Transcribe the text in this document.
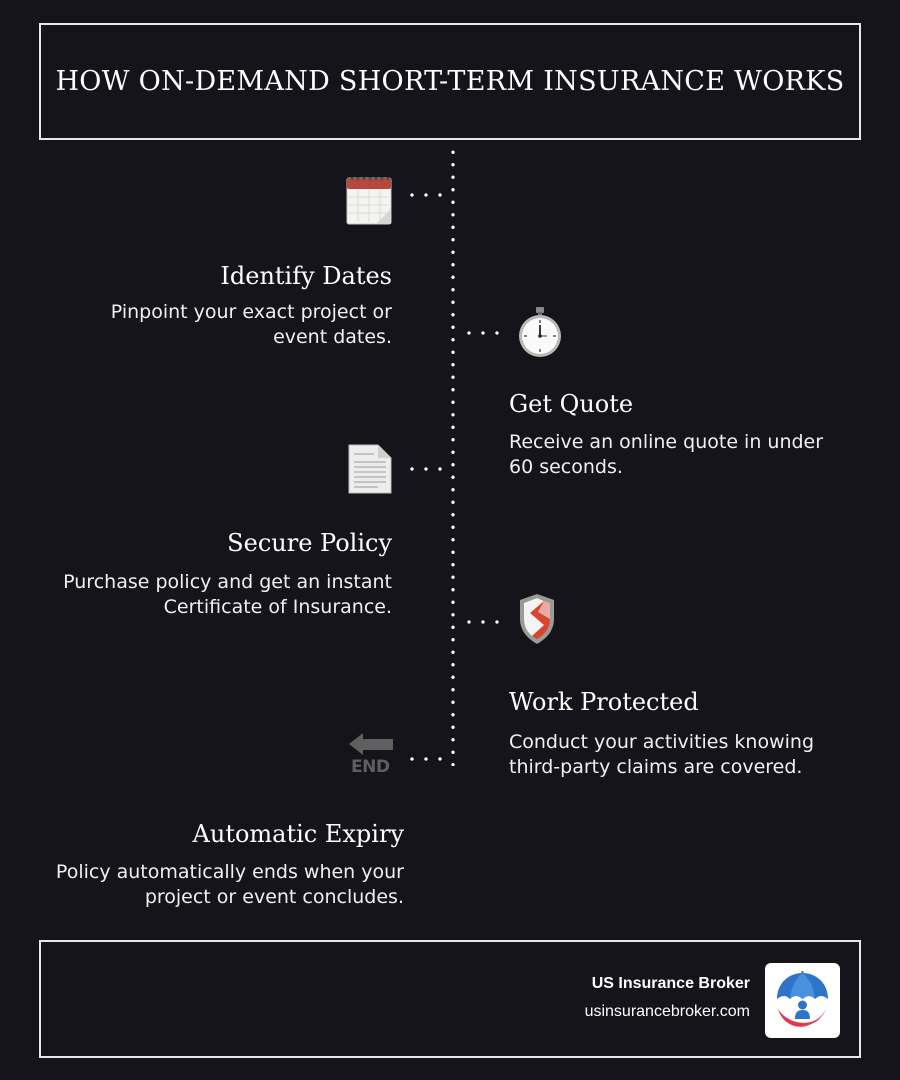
HOW ON-DEMAND SHORT-TERM INSURANCE WORKS
Identify Dates
Pinpoint your exact project or event dates.
Get Quote
Receive an online quote in under 60 seconds.
Secure Policy
Purchase policy and get an instant Certificate of Insurance.
Work Protected
Conduct your activities knowing third-party claims are covered.
END
Automatic Expiry
Policy automatically ends when your project or event concludes.
US Insurance Broker
usinsurancebroker.com
